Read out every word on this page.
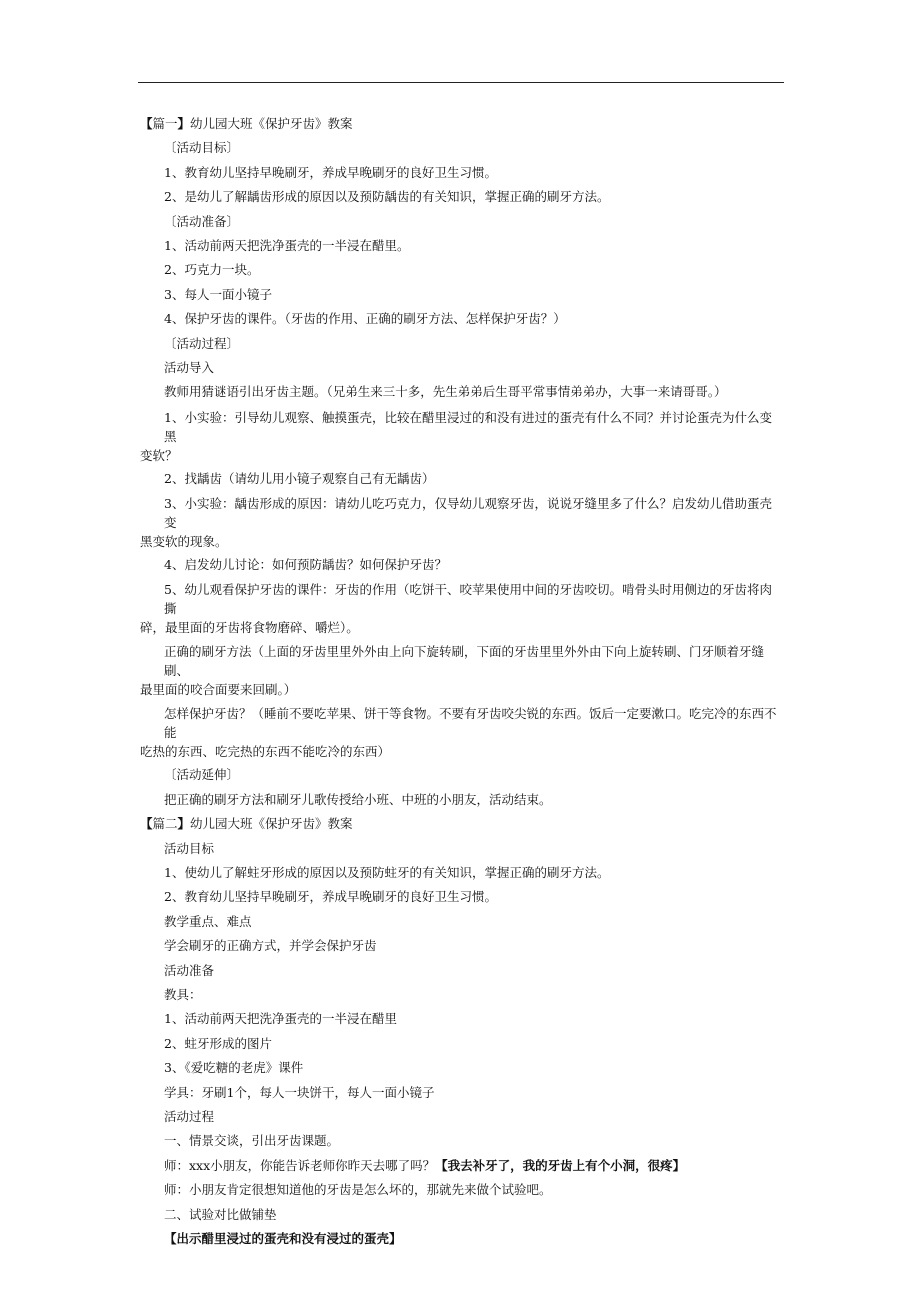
【篇一】幼儿园大班《保护牙齿》教案
〔活动目标〕
1、教育幼儿坚持早晚刷牙，养成早晚刷牙的良好卫生习惯。
2、是幼儿了解龋齿形成的原因以及预防龋齿的有关知识，掌握正确的刷牙方法。
〔活动准备〕
1、活动前两天把洗净蛋壳的一半浸在醋里。
2、巧克力一块。
3、每人一面小镜子
4、保护牙齿的课件。（牙齿的作用、正确的刷牙方法、怎样保护牙齿？）
〔活动过程〕
活动导入
教师用猜谜语引出牙齿主题。（兄弟生来三十多，先生弟弟后生哥平常事情弟弟办，大事一来请哥哥。）
1、小实验：引导幼儿观察、触摸蛋壳，比较在醋里浸过的和没有进过的蛋壳有什么不同？并讨论蛋壳为什么变黑
变软？
2、找龋齿（请幼儿用小镜子观察自己有无龋齿）
3、小实验：龋齿形成的原因：请幼儿吃巧克力，仅导幼儿观察牙齿，说说牙缝里多了什么？启发幼儿借助蛋壳变
黑变软的现象。
4、启发幼儿讨论：如何预防龋齿？如何保护牙齿？
5、幼儿观看保护牙齿的课件：牙齿的作用（吃饼干、咬苹果使用中间的牙齿咬切。啃骨头时用侧边的牙齿将肉撕
碎，最里面的牙齿将食物磨碎、嚼烂）。
正确的刷牙方法（上面的牙齿里里外外由上向下旋转刷，下面的牙齿里里外外由下向上旋转刷、门牙顺着牙缝刷、
最里面的咬合面要来回刷。）
怎样保护牙齿？（睡前不要吃苹果、饼干等食物。不要有牙齿咬尖锐的东西。饭后一定要漱口。吃完冷的东西不能
吃热的东西、吃完热的东西不能吃冷的东西）
〔活动延伸〕
把正确的刷牙方法和刷牙儿歌传授给小班、中班的小朋友，活动结束。
【篇二】幼儿园大班《保护牙齿》教案
活动目标
1、使幼儿了解蛀牙形成的原因以及预防蛀牙的有关知识，掌握正确的刷牙方法。
2、教育幼儿坚持早晚刷牙，养成早晚刷牙的良好卫生习惯。
教学重点、难点
学会刷牙的正确方式，并学会保护牙齿
活动准备
教具：
1、活动前两天把洗净蛋壳的一半浸在醋里
2、蛀牙形成的图片
3、《爱吃糖的老虎》课件
学具：牙刷1个，每人一块饼干，每人一面小镜子
活动过程
一、情景交谈，引出牙齿课题。
师：xxx小朋友，你能告诉老师你昨天去哪了吗？【我去补牙了，我的牙齿上有个小洞，很疼】
师：小朋友肯定很想知道他的牙齿是怎么坏的，那就先来做个试验吧。
二、试验对比做铺垫
【出示醋里浸过的蛋壳和没有浸过的蛋壳】
